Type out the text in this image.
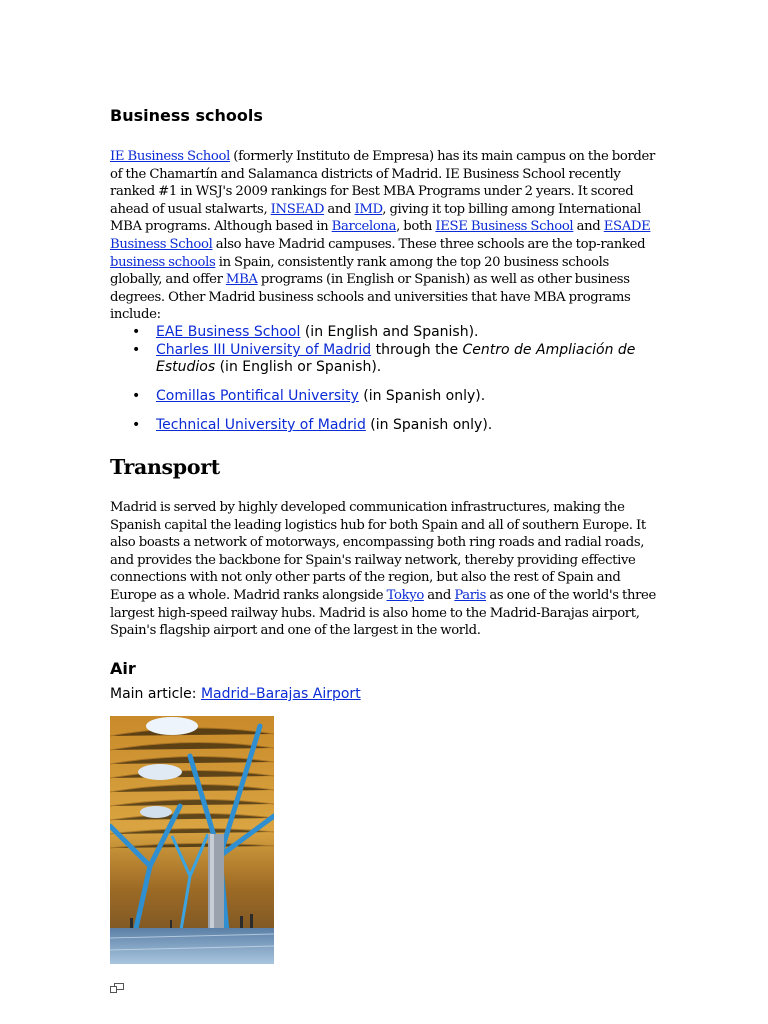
Business schools

IE Business School (formerly Instituto de Empresa) has its main campus on the border of the Chamartín and Salamanca districts of Madrid. IE Business School recently ranked #1 in WSJ's 2009 rankings for Best MBA Programs under 2 years. It scored ahead of usual stalwarts, INSEAD and IMD, giving it top billing among International MBA programs. Although based in Barcelona, both IESE Business School and ESADE Business School also have Madrid campuses. These three schools are the top-ranked business schools in Spain, consistently rank among the top 20 business schools globally, and offer MBA programs (in English or Spanish) as well as other business degrees. Other Madrid business schools and universities that have MBA programs include:

• EAE Business School (in English and Spanish).
• Charles III University of Madrid through the Centro de Ampliación de Estudios (in English or Spanish).
• Comillas Pontifical University (in Spanish only).
• Technical University of Madrid (in Spanish only).
Transport

Madrid is served by highly developed communication infrastructures, making the Spanish capital the leading logistics hub for both Spain and all of southern Europe. It also boasts a network of motorways, encompassing both ring roads and radial roads, and provides the backbone for Spain's railway network, thereby providing effective connections with not only other parts of the region, but also the rest of Spain and Europe as a whole. Madrid ranks alongside Tokyo and Paris as one of the world's three largest high-speed railway hubs. Madrid is also home to the Madrid-Barajas airport, Spain's flagship airport and one of the largest in the world.

Air

Main article: Madrid–Barajas Airport
